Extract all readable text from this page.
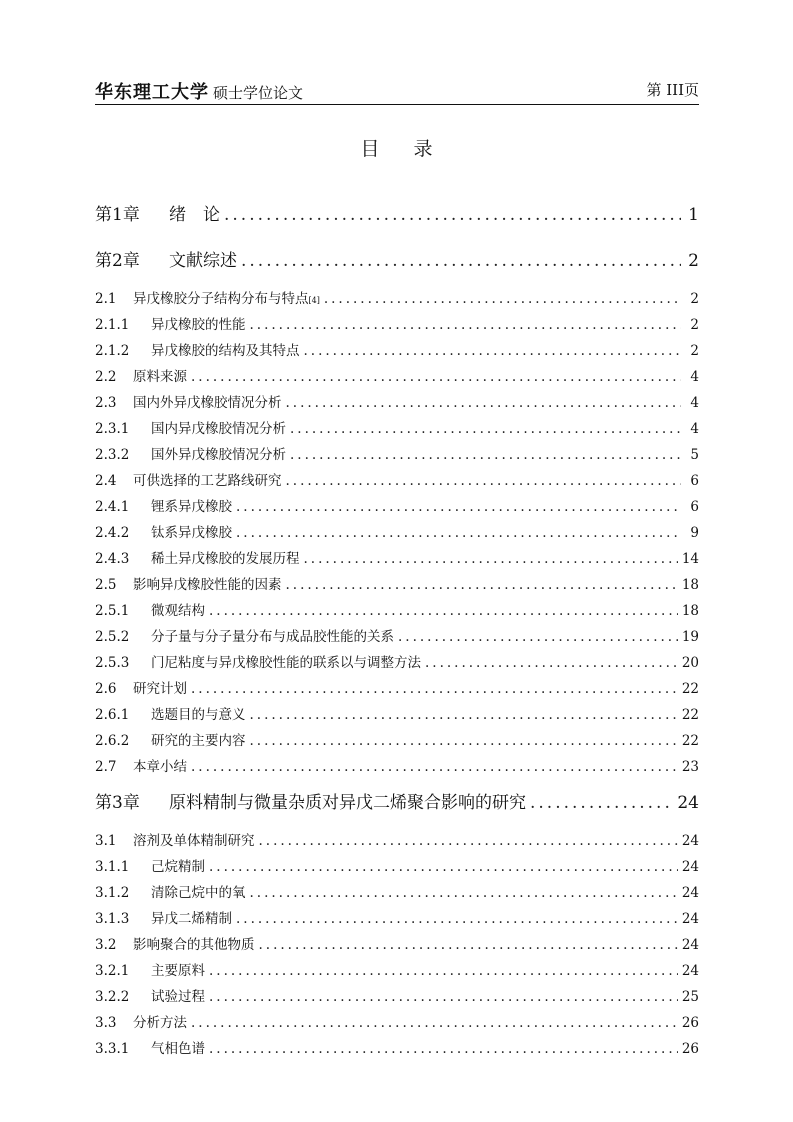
华东理工大学 硕士学位论文	第 III页
目 录
第1章	绪　论 .....	1
第2章	文献综述 .....	2
2.1	异戊橡胶分子结构分布与特点$_{[4]}$ .....	2
2.1.1	异戊橡胶的性能 .....	2
2.1.2	异戊橡胶的结构及其特点 .....	2
2.2	原料来源 .....	4
2.3	国内外异戊橡胶情况分析 .....	4
2.3.1	国内异戊橡胶情况分析 .....	4
2.3.2	国外异戊橡胶情况分析 .....	5
2.4	可供选择的工艺路线研究 .....	6
2.4.1	锂系异戊橡胶 .....	6
2.4.2	钛系异戊橡胶 .....	9
2.4.3	稀土异戊橡胶的发展历程 .....	14
2.5	影响异戊橡胶性能的因素 .....	18
2.5.1	微观结构 .....	18
2.5.2	分子量与分子量分布与成品胶性能的关系 .....	19
2.5.3	门尼粘度与异戊橡胶性能的联系以与调整方法 .....	20
2.6	研究计划 .....	22
2.6.1	选题目的与意义 .....	22
2.6.2	研究的主要内容 .....	22
2.7	本章小结 .....	23
第3章	原料精制与微量杂质对异戊二烯聚合影响的研究 .....	24
3.1	溶剂及单体精制研究 .....	24
3.1.1	己烷精制 .....	24
3.1.2	清除己烷中的氧 .....	24
3.1.3	异戊二烯精制 .....	24
3.2	影响聚合的其他物质 .....	24
3.2.1	主要原料 .....	24
3.2.2	试验过程 .....	25
3.3	分析方法 .....	26
3.3.1	气相色谱 .....	26
